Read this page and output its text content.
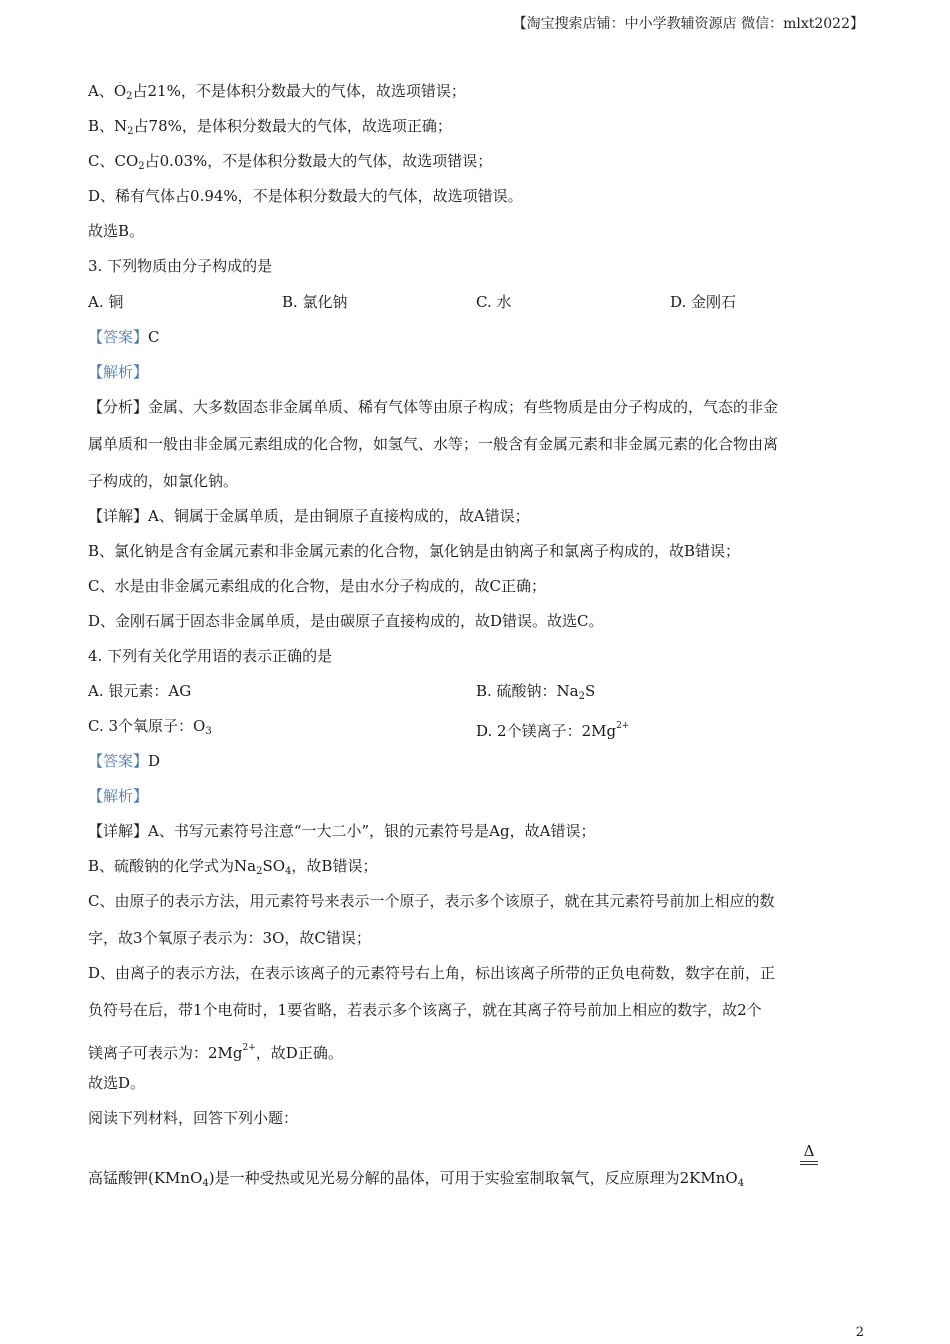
【淘宝搜索店铺：中小学教辅资源店 微信：mlxt2022】
A、$O_2$占21%，不是体积分数最大的气体，故选项错误；
B、$N_2$占78%，是体积分数最大的气体，故选项正确；
C、$CO_2$占0.03%，不是体积分数最大的气体，故选项错误；
D、稀有气体占0.94%，不是体积分数最大的气体，故选项错误。
故选B。
3. 下列物质由分子构成的是
A. 铜	B. 氯化钠	C. 水	D. 金刚石
【答案】C
【解析】
【分析】金属、大多数固态非金属单质、稀有气体等由原子构成；有些物质是由分子构成的，气态的非金
属单质和一般由非金属元素组成的化合物，如氢气、水等；一般含有金属元素和非金属元素的化合物由离
子构成的，如氯化钠。
【详解】A、铜属于金属单质，是由铜原子直接构成的，故A错误；
B、氯化钠是含有金属元素和非金属元素的化合物，氯化钠是由钠离子和氯离子构成的，故B错误；
C、水是由非金属元素组成的化合物，是由水分子构成的，故C正确；
D、金刚石属于固态非金属单质，是由碳原子直接构成的，故D错误。故选C。
4. 下列有关化学用语的表示正确的是
A. 银元素：AG	B. 硫酸钠：$Na_2S$
C. 3个氧原子：$O_3$	D. 2个镁离子：$2Mg^{2+}$
【答案】D
【解析】
【详解】A、书写元素符号注意“一大二小”，银的元素符号是Ag，故A错误；
B、硫酸钠的化学式为$Na_2SO_4$，故B错误；
C、由原子的表示方法，用元素符号来表示一个原子，表示多个该原子，就在其元素符号前加上相应的数
字，故3个氧原子表示为：3O，故C错误；
D、由离子的表示方法，在表示该离子的元素符号右上角，标出该离子所带的正负电荷数，数字在前，正
负符号在后，带1个电荷时，1要省略，若表示多个该离子，就在其离子符号前加上相应的数字，故2个
镁离子可表示为：$2Mg^{2+}$，故D正确。
故选D。
阅读下列材料，回答下列小题：
Δ
高锰酸钾(KMnO$_4$)是一种受热或见光易分解的晶体，可用于实验室制取氧气，反应原理为2KMnO$_4$
2
